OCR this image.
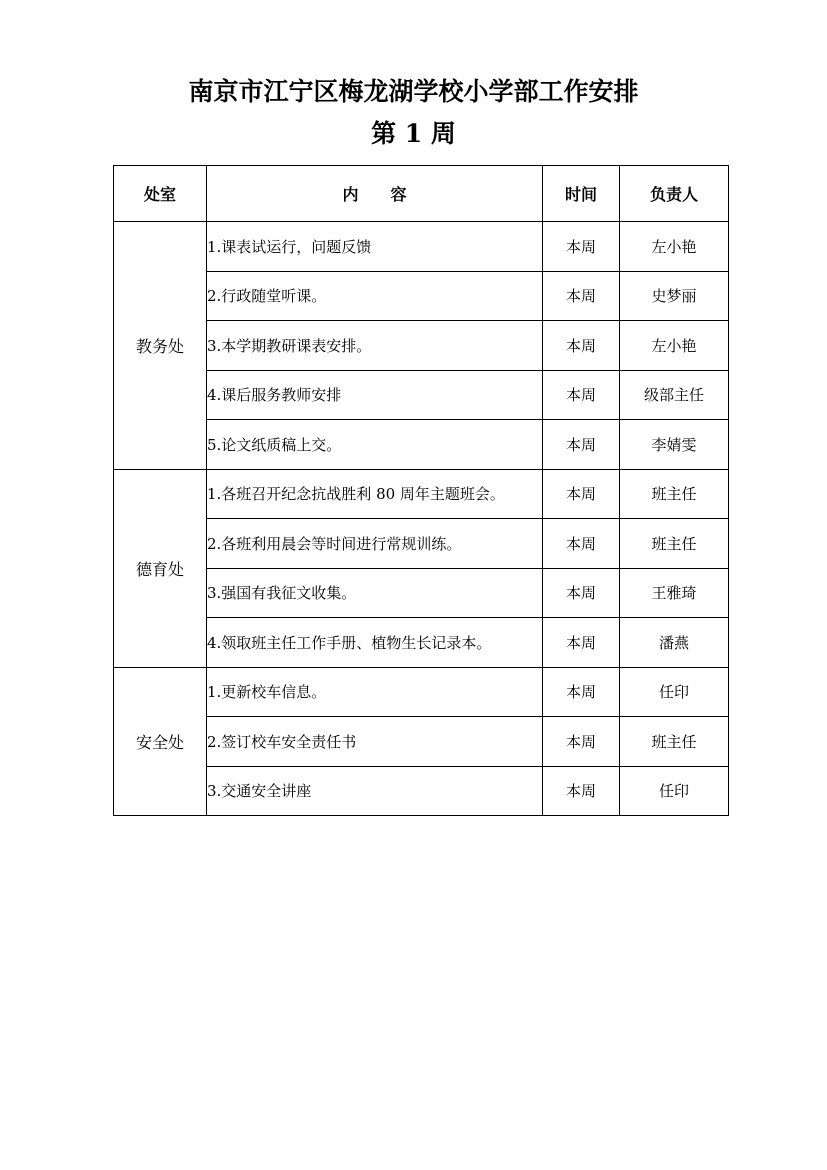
南京市江宁区梅龙湖学校小学部工作安排
第 1 周
处室	内　　容	时间	负责人
教务处	1.课表试运行，问题反馈	本周	左小艳
	2.行政随堂听课。	本周	史梦丽
	3.本学期教研课表安排。	本周	左小艳
	4.课后服务教师安排	本周	级部主任
	5.论文纸质稿上交。	本周	李婧雯
德育处	1.各班召开纪念抗战胜利 80 周年主题班会。	本周	班主任
	2.各班利用晨会等时间进行常规训练。	本周	班主任
	3.强国有我征文收集。	本周	王雅琦
	4.领取班主任工作手册、植物生长记录本。	本周	潘燕
安全处	1.更新校车信息。	本周	任印
	2.签订校车安全责任书	本周	班主任
	3.交通安全讲座	本周	任印
